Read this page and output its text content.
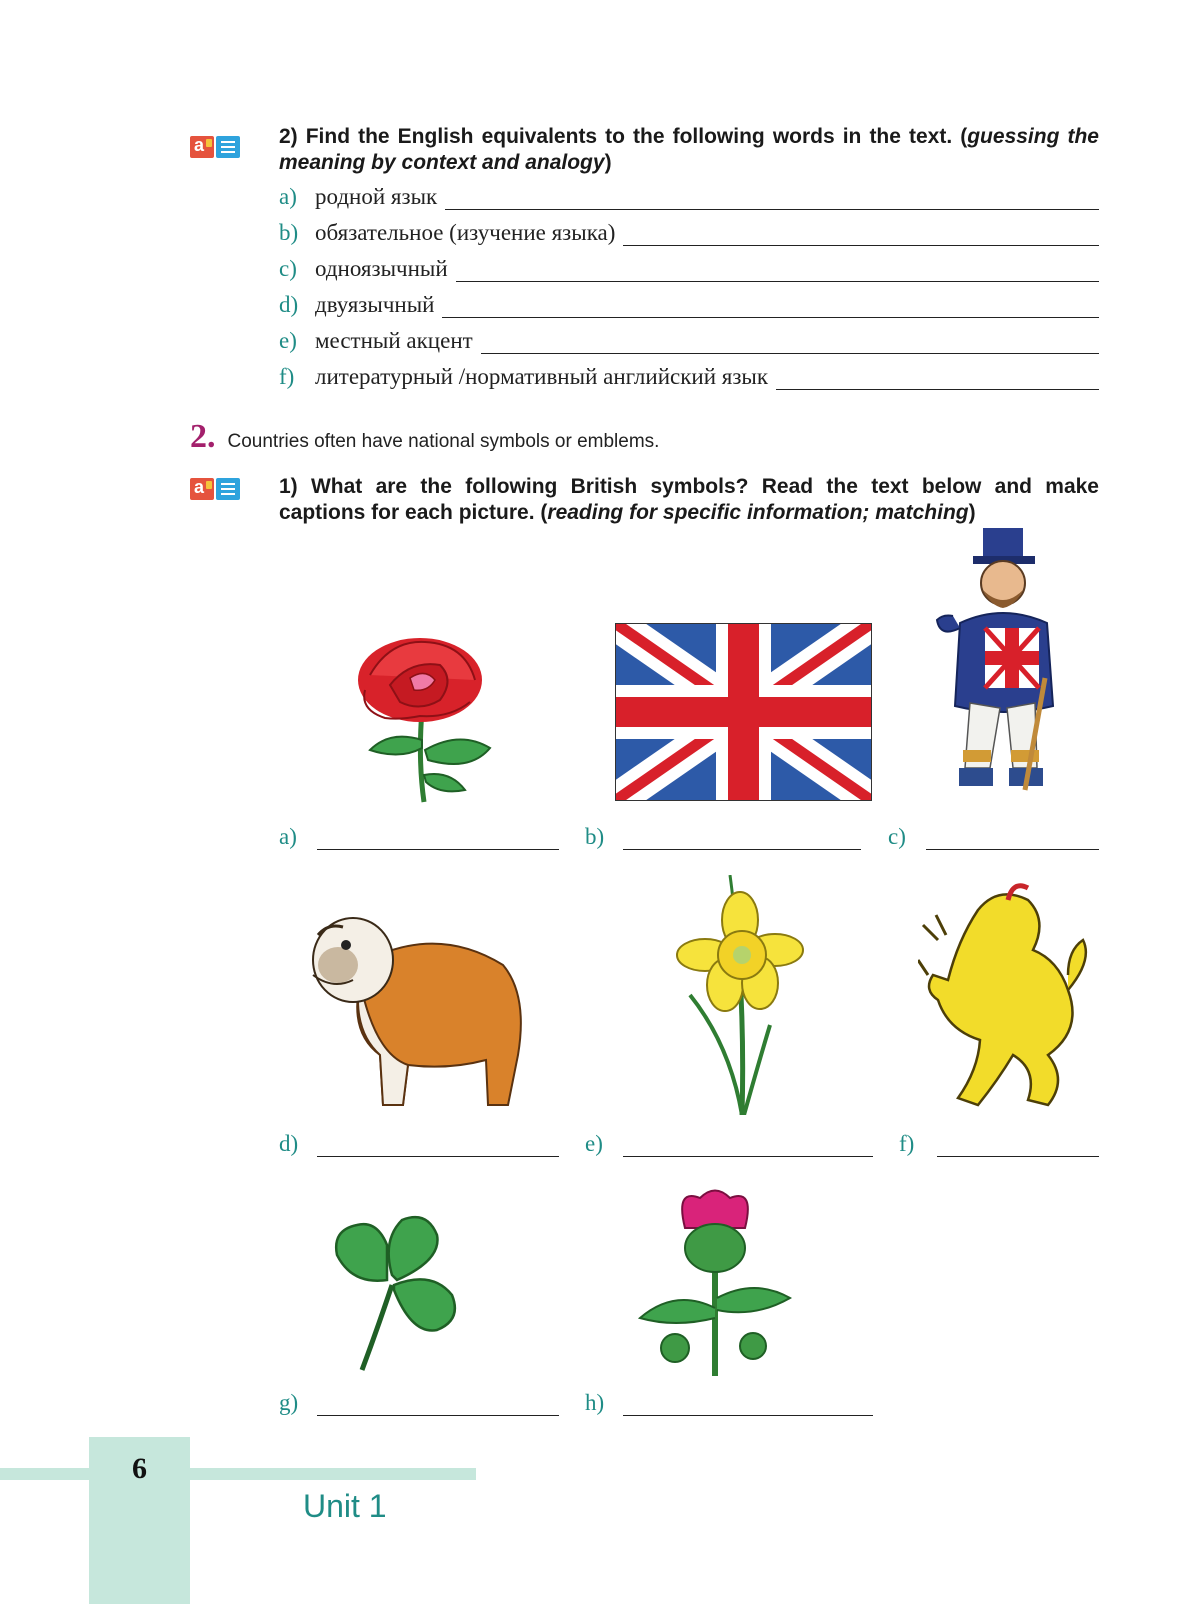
a	2) Find the English equivalents to the following words in the text. (guessing the meaning by context and analogy)
a) родной язык
b) обязательное (изучение языка)
c) одноязычный
d) двуязычный
e) местный акцент
f) литературный /нормативный английский язык
2. Countries often have national symbols or emblems.
a	1) What are the following British symbols? Read the text below and make captions for each picture. (reading for specific information; matching)
a)	b)	c)
d)	e)	f)
g)	h)
6
Unit 1
